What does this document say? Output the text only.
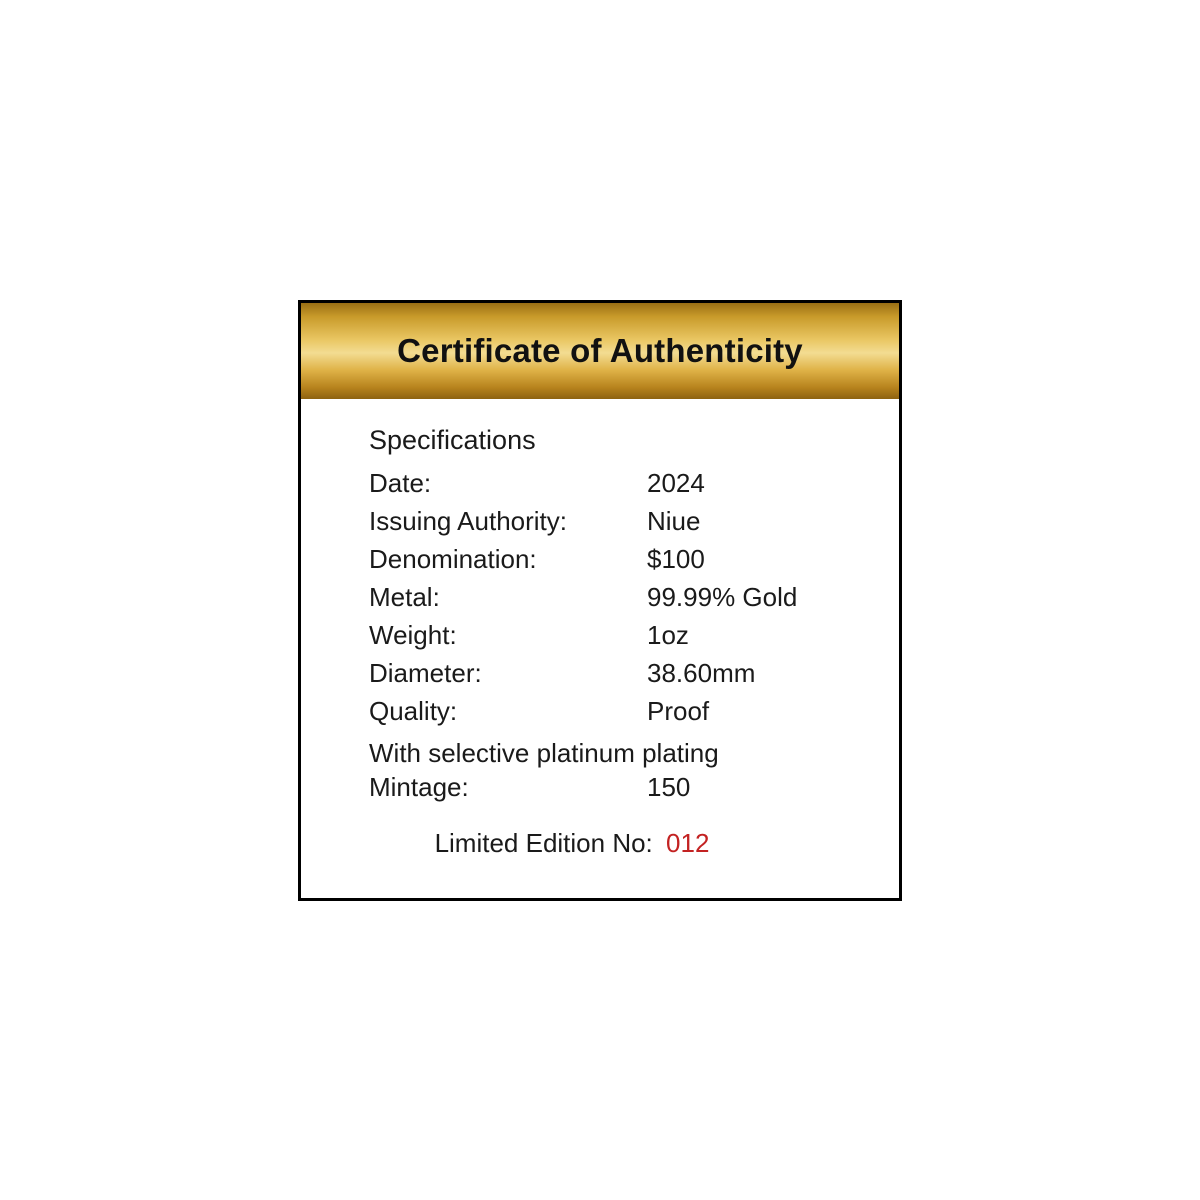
Certificate of Authenticity
Specifications
Date:	2024
Issuing Authority:	Niue
Denomination:	$100
Metal:	99.99% Gold
Weight:	1oz
Diameter:	38.60mm
Quality:	Proof
With selective platinum plating
Mintage:	150
Limited Edition No: 012
